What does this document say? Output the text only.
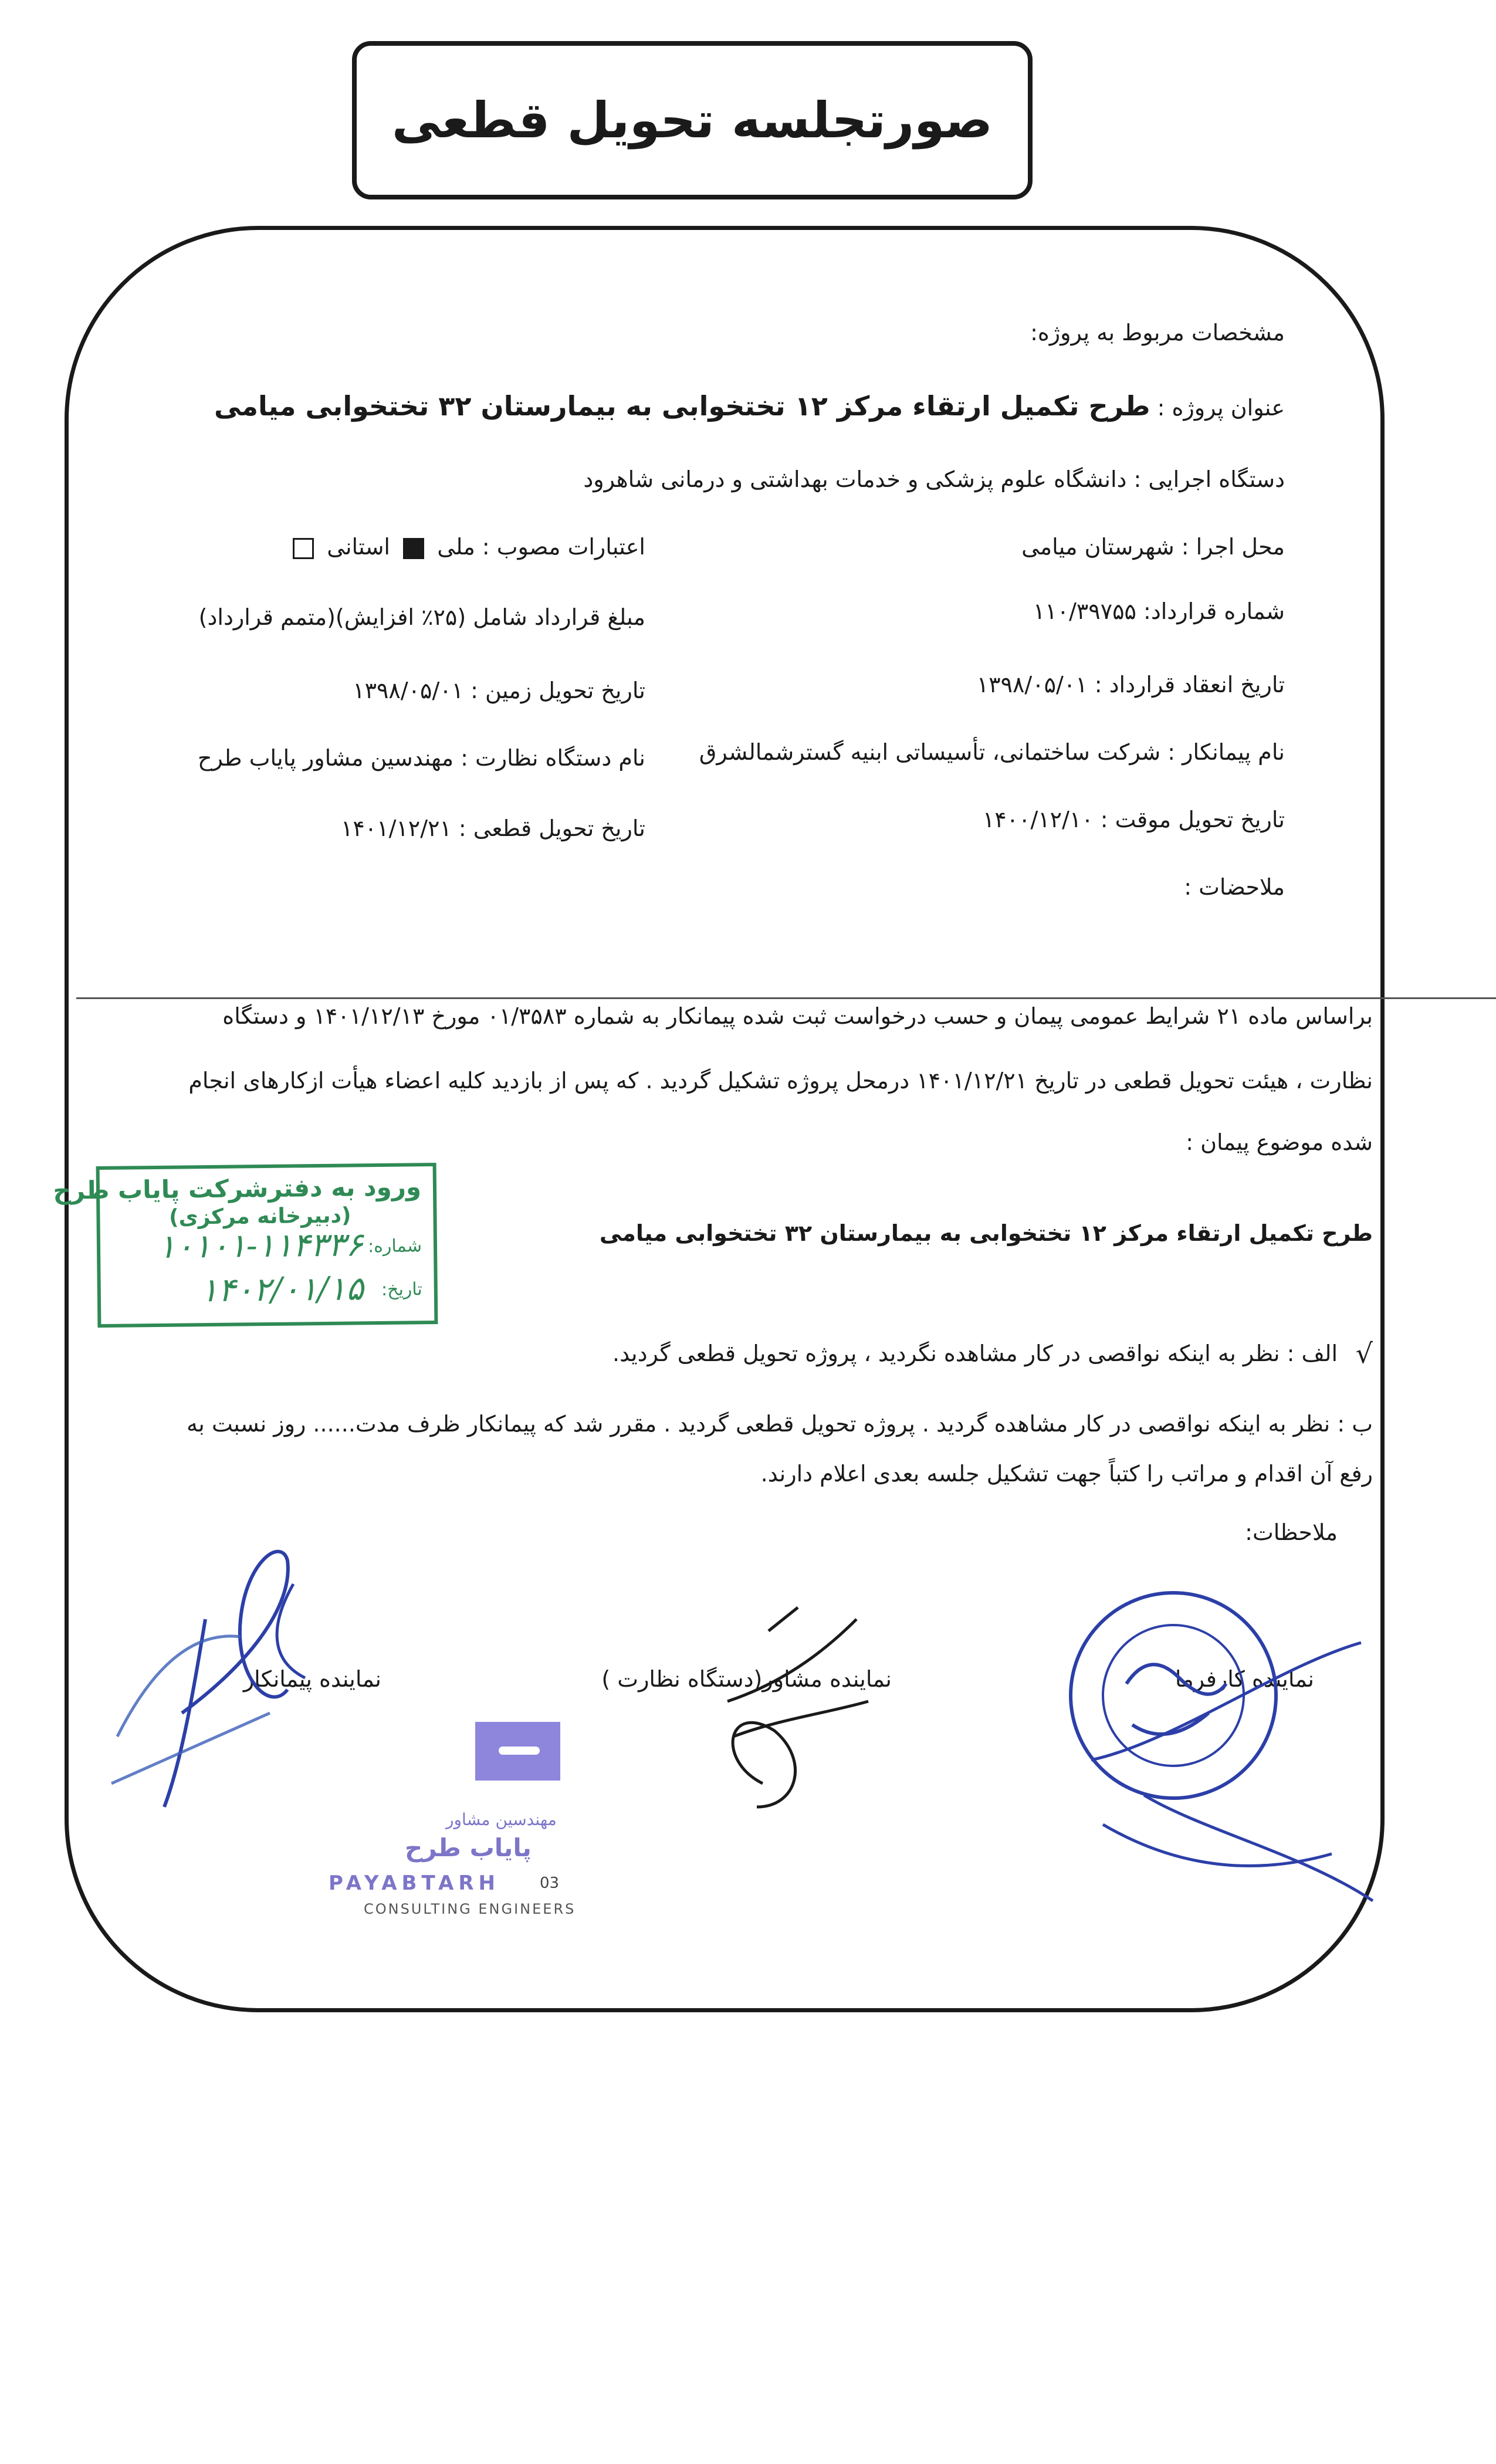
صورتجلسه تحویل قطعی
مشخصات مربوط به پروژه:
عنوان پروژه : طرح تکمیل ارتقاء مرکز ۱۲ تختخوابی به بیمارستان ۳۲ تختخوابی میامی
دستگاه اجرایی : دانشگاه علوم پزشکی و خدمات بهداشتی و درمانی شاهرود
محل اجرا : شهرستان میامی
اعتبارات مصوب : ملی  استانی
شماره قرارداد: ۱۱۰/۳۹۷۵۵
مبلغ قرارداد شامل (۲۵٪ افزایش)(متمم قرارداد)
تاریخ انعقاد قرارداد : ۱۳۹۸/۰۵/۰۱
تاریخ تحویل زمین : ۱۳۹۸/۰۵/۰۱
نام پیمانکار : شرکت ساختمانی، تأسیساتی ابنیه گسترشمالشرق
نام دستگاه نظارت : مهندسین مشاور پایاب طرح
تاریخ تحویل موقت : ۱۴۰۰/۱۲/۱۰
تاریخ تحویل قطعی : ۱۴۰۱/۱۲/۲۱
ملاحضات :
براساس ماده ۲۱ شرایط عمومی پیمان و حسب درخواست ثبت شده پیمانکار به شماره ۰۱/۳۵۸۳ مورخ ۱۴۰۱/۱۲/۱۳ و دستگاه
نظارت ، هیئت تحویل قطعی در تاریخ ۱۴۰۱/۱۲/۲۱ درمحل پروژه تشکیل گردید . که پس از بازدید کلیه اعضاء هیأت ازکارهای انجام
شده موضوع پیمان :
طرح تکمیل ارتقاء مرکز ۱۲ تختخوابی به بیمارستان ۳۲ تختخوابی میامی
√
الف : نظر به اینکه نواقصی در کار مشاهده نگردید ، پروژه تحویل قطعی گردید.
ب : نظر به اینکه نواقصی در کار مشاهده گردید . پروژه تحویل قطعی گردید . مقرر شد که پیمانکار ظرف مدت...... روز نسبت به
رفع آن اقدام و مراتب را کتباً جهت تشکیل جلسه بعدی اعلام دارند.
ملاحظات:
ورود به دفترشرکت پایاب طرح
(دبیرخانه مرکزی)
شماره:
۱۰۱۰۱-۱۱۴۳۳۶
تاریخ:
۱۴۰۲/۰۱/۱۵
نماینده کارفرما
نماینده مشاور(دستگاه نظارت )
نماینده پیمانکار
مهندسین مشاور
پایاب طرح
PAYABTARH	03
CONSULTING ENGINEERS
